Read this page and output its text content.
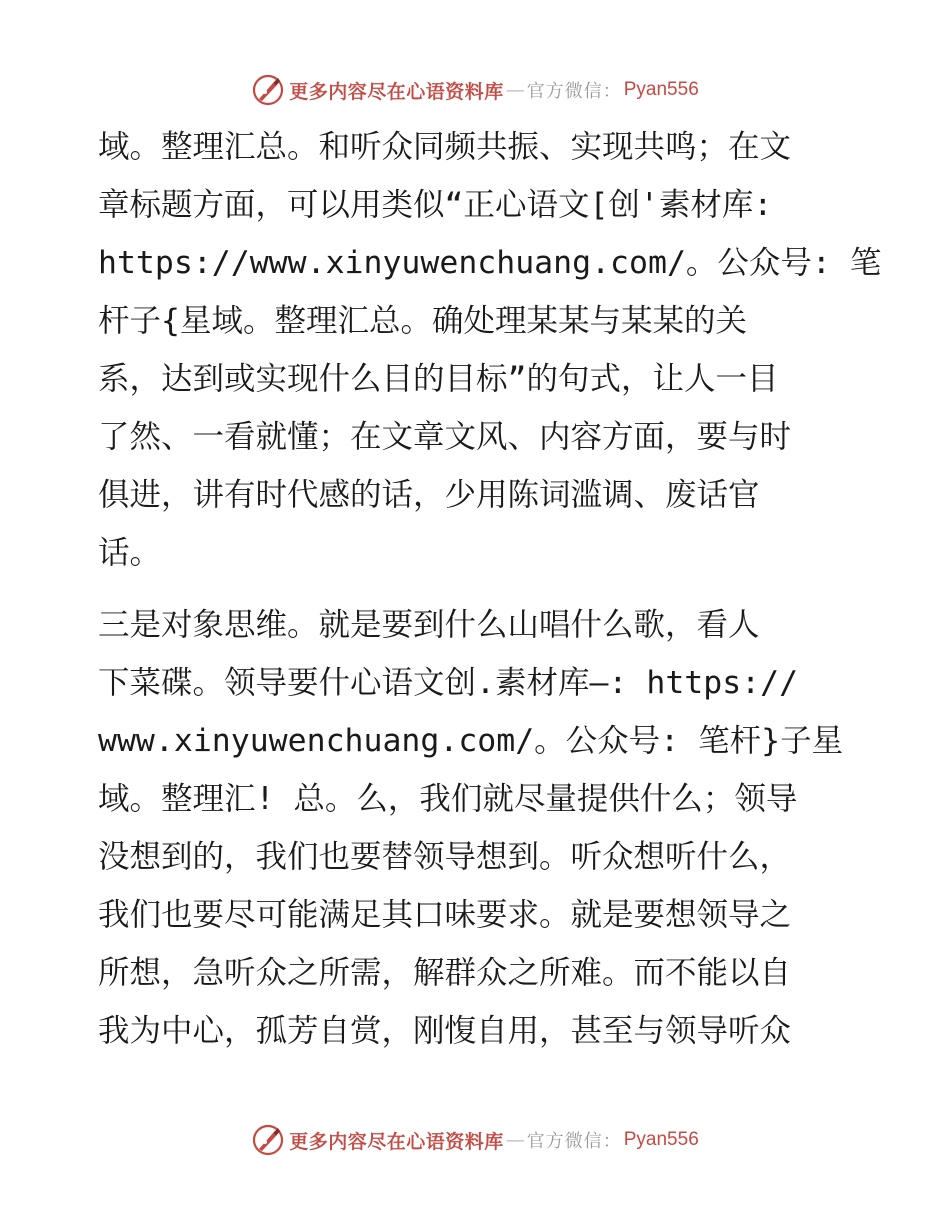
更多内容尽在心语资料库 — 官方微信： Pyan556

域。整理汇总。和听众同频共振、实现共鸣；在文
章标题方面，可以用类似“正心语文[创'素材库:
https://www.xinyuwenchuang.com/。公众号: 笔
杆子{星域。整理汇总。确处理某某与某某的关
系，达到或实现什么目的目标”的句式，让人一目
了然、一看就懂；在文章文风、内容方面，要与时
俱进，讲有时代感的话，少用陈词滥调、废话官
话。

三是对象思维。就是要到什么山唱什么歌，看人
下菜碟。领导要什心语文创.素材库—: https://
www.xinyuwenchuang.com/。公众号: 笔杆}子星
域。整理汇! 总。么，我们就尽量提供什么；领导
没想到的，我们也要替领导想到。听众想听什么，
我们也要尽可能满足其口味要求。就是要想领导之
所想，急听众之所需，解群众之所难。而不能以自
我为中心，孤芳自赏，刚愎自用，甚至与领导听众

更多内容尽在心语资料库 — 官方微信： Pyan556
